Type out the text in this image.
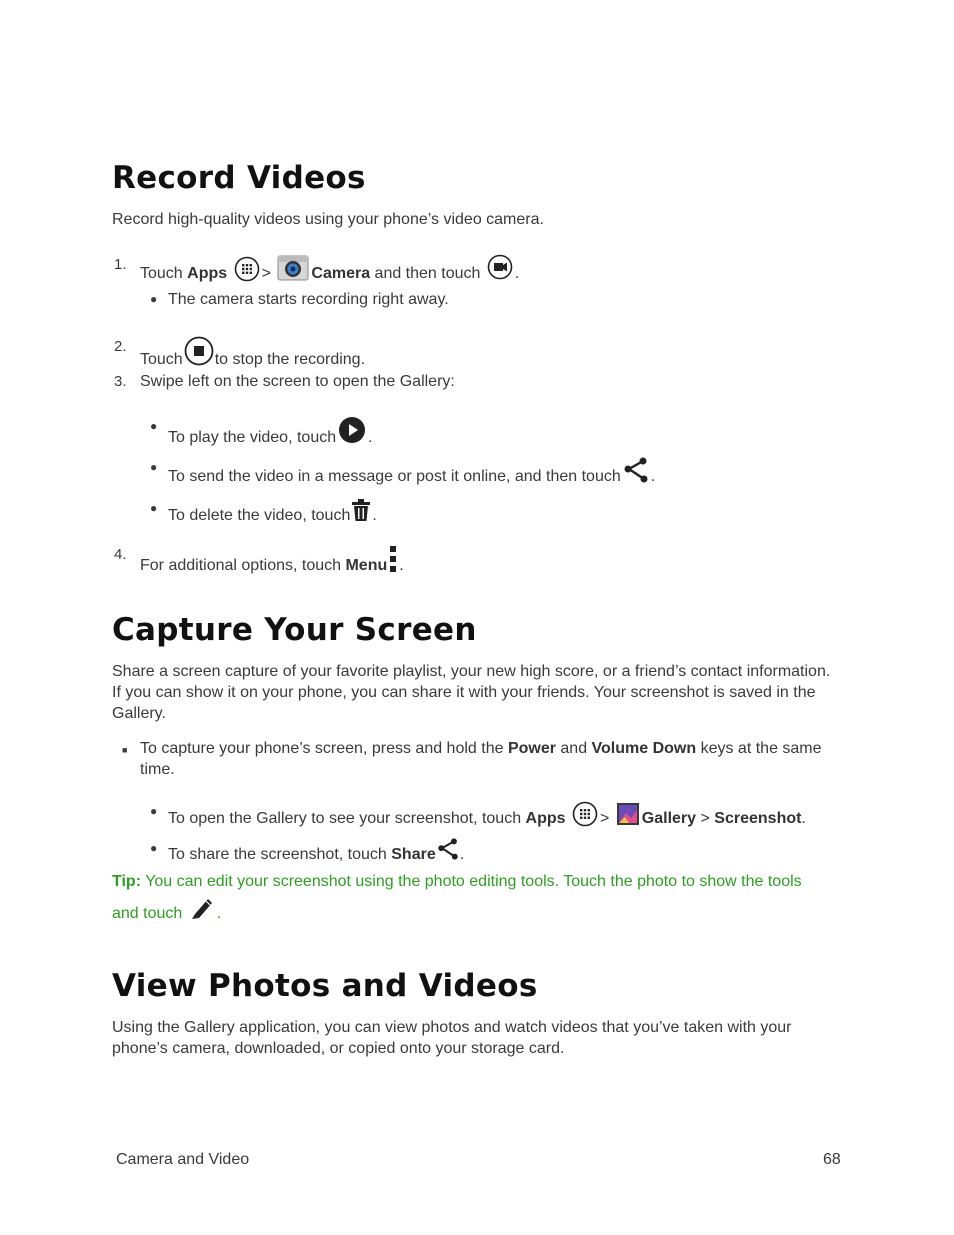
Record Videos
Record high-quality videos using your phone’s video camera.
1.
Touch Apps >	Camera and then touch .
● The camera starts recording right away.
2.
Touch to stop the recording.
3. Swipe left on the screen to open the Gallery:
●
To play the video, touch .
●
To send the video in a message or post it online, and then touch .
● To delete the video, touch .
4.
For additional options, touch Menu .
Capture Your Screen
Share a screen capture of your favorite playlist, your new high score, or a friend’s contact information. If you can show it on your phone, you can share it with your friends. Your screenshot is saved in the Gallery.
■ To capture your phone’s screen, press and hold the Power and Volume Down keys at the same time.
● To open the Gallery to see your screenshot, touch Apps > Gallery > Screenshot.
● To share the screenshot, touch Share .
Tip: You can edit your screenshot using the photo editing tools. Touch the photo to show the tools and touch .
View Photos and Videos
Using the Gallery application, you can view photos and watch videos that you’ve taken with your phone’s camera, downloaded, or copied onto your storage card.
Camera and Video	68
